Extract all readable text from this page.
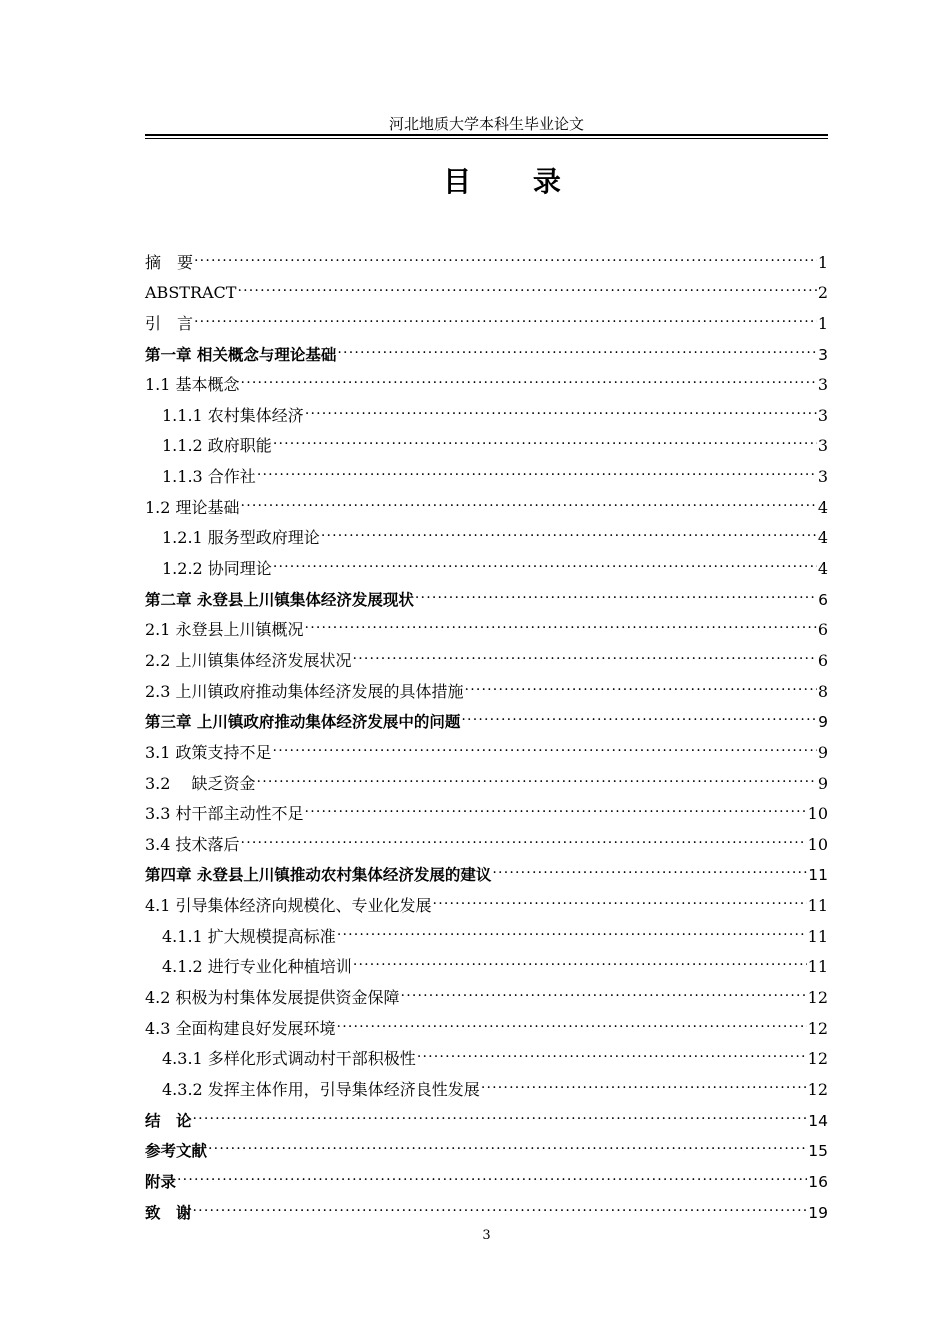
河北地质大学本科生毕业论文
目 录
摘　要 .....	1
ABSTRACT .....	2
引　言 .....	1
第一章 相关概念与理论基础 .....	3
1.1 基本概念 .....	3
1.1.1 农村集体经济 .....	3
1.1.2 政府职能 .....	3
1.1.3 合作社 .....	3
1.2 理论基础 .....	4
1.2.1 服务型政府理论 .....	4
1.2.2 协同理论 .....	4
第二章 永登县上川镇集体经济发展现状 .....	6
2.1 永登县上川镇概况 .....	6
2.2 上川镇集体经济发展状况 .....	6
2.3 上川镇政府推动集体经济发展的具体措施 .....	8
第三章 上川镇政府推动集体经济发展中的问题 .....	9
3.1 政策支持不足 .....	9
3.2　 缺乏资金 .....	9
3.3 村干部主动性不足 .....	10
3.4 技术落后 .....	10
第四章 永登县上川镇推动农村集体经济发展的建议 .....	11
4.1 引导集体经济向规模化、专业化发展 .....	11
4.1.1 扩大规模提高标准 .....	11
4.1.2 进行专业化种植培训 .....	11
4.2 积极为村集体发展提供资金保障 .....	12
4.3 全面构建良好发展环境 .....	12
4.3.1 多样化形式调动村干部积极性 .....	12
4.3.2 发挥主体作用，引导集体经济良性发展 .....	12
结　论 .....	14
参考文献 .....	15
附录 .....	16
致　谢 .....	19
3
